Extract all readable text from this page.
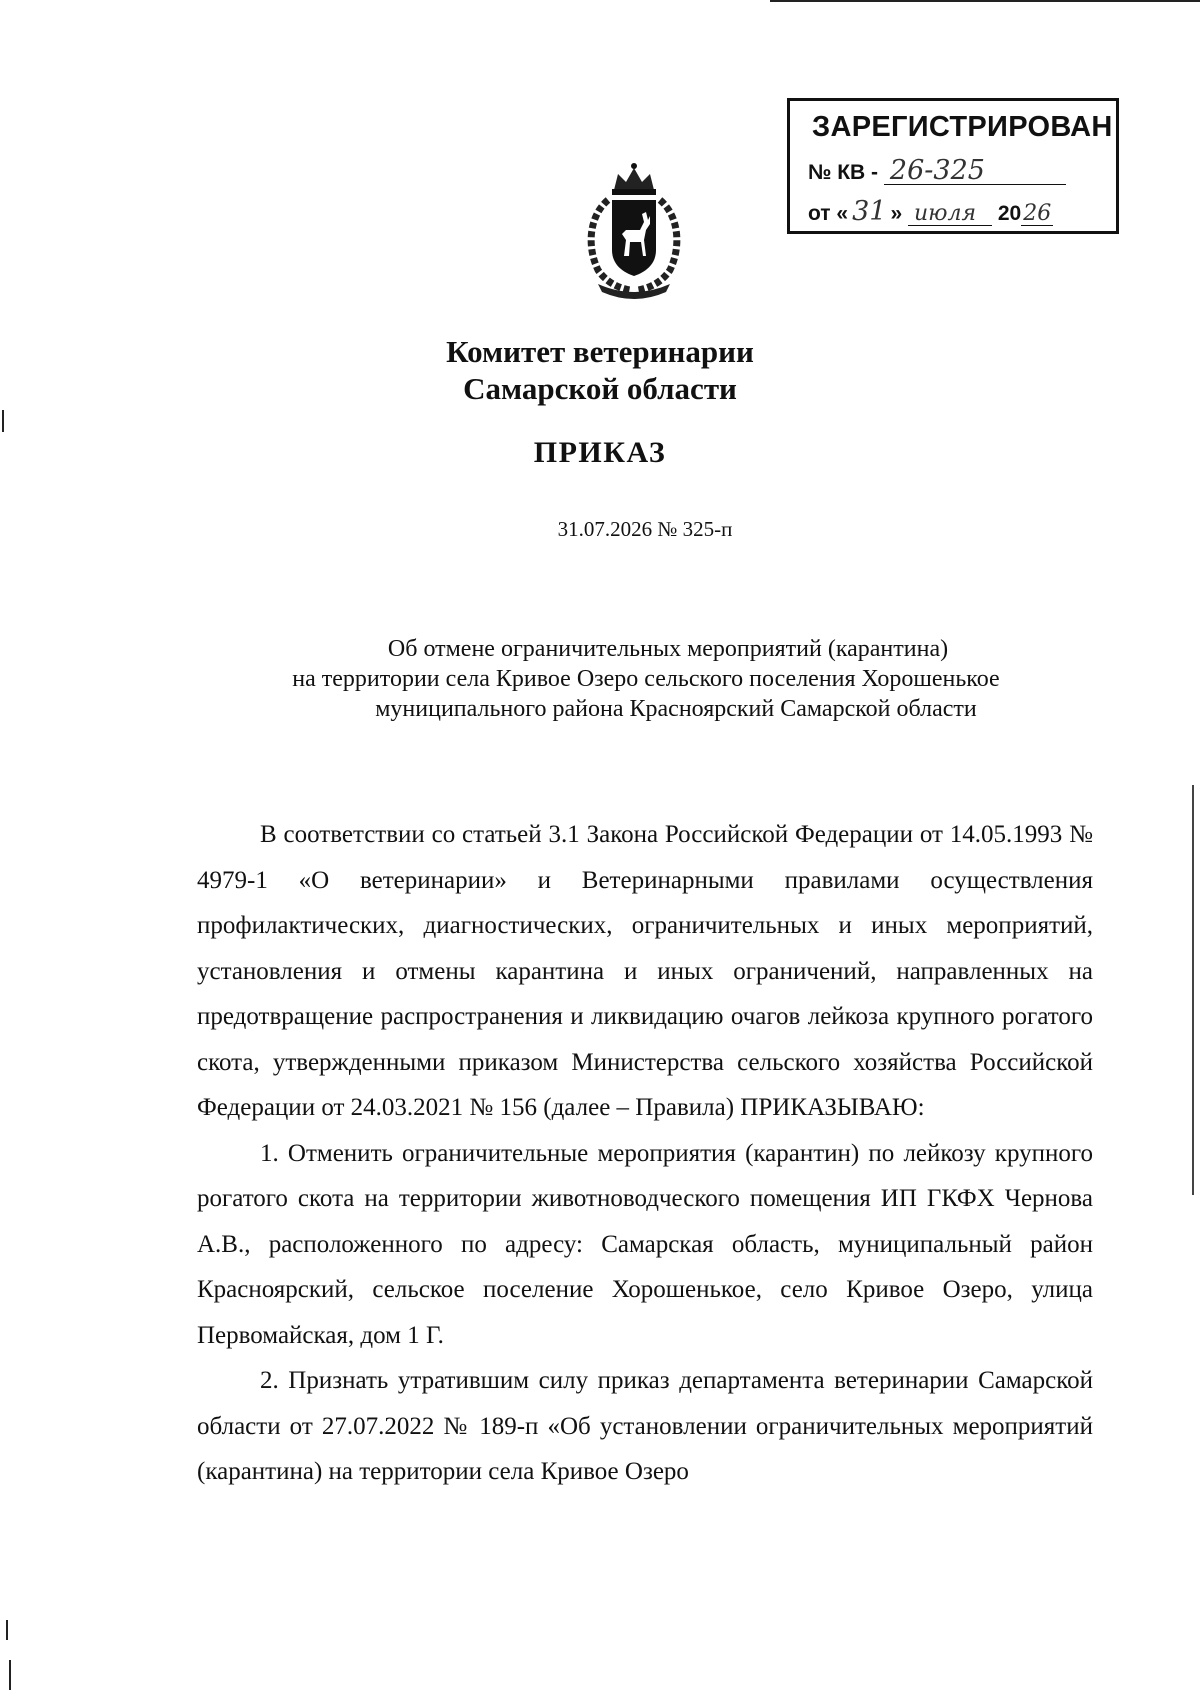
ЗАРЕГИСТРИРОВАН
№ КВ - 26-325
от « 31 » июля 2026
Комитет ветеринарии
Самарской области
ПРИКАЗ
31.07.2026 № 325-п
Об отмене ограничительных мероприятий (карантина)
на территории села Кривое Озеро сельского поселения Хорошенькое
муниципального района Красноярский Самарской области

В соответствии со статьей 3.1 Закона Российской Федерации от 14.05.1993 № 4979-1 «О ветеринарии» и Ветеринарными правилами осуществления профилактических, диагностических, ограничительных и иных мероприятий, установления и отмены карантина и иных ограничений, направленных на предотвращение распространения и ликвидацию очагов лейкоза крупного рогатого скота, утвержденными приказом Министерства сельского хозяйства Российской Федерации от 24.03.2021 № 156 (далее – Правила) ПРИКАЗЫВАЮ:

1. Отменить ограничительные мероприятия (карантин) по лейкозу крупного рогатого скота на территории животноводческого помещения ИП ГКФХ Чернова А.В., расположенного по адресу: Самарская область, муниципальный район Красноярский, сельское поселение Хорошенькое, село Кривое Озеро, улица Первомайская, дом 1 Г.

2. Признать утратившим силу приказ департамента ветеринарии Самарской области от 27.07.2022 № 189-п «Об установлении ограничительных мероприятий (карантина) на территории села Кривое Озеро
